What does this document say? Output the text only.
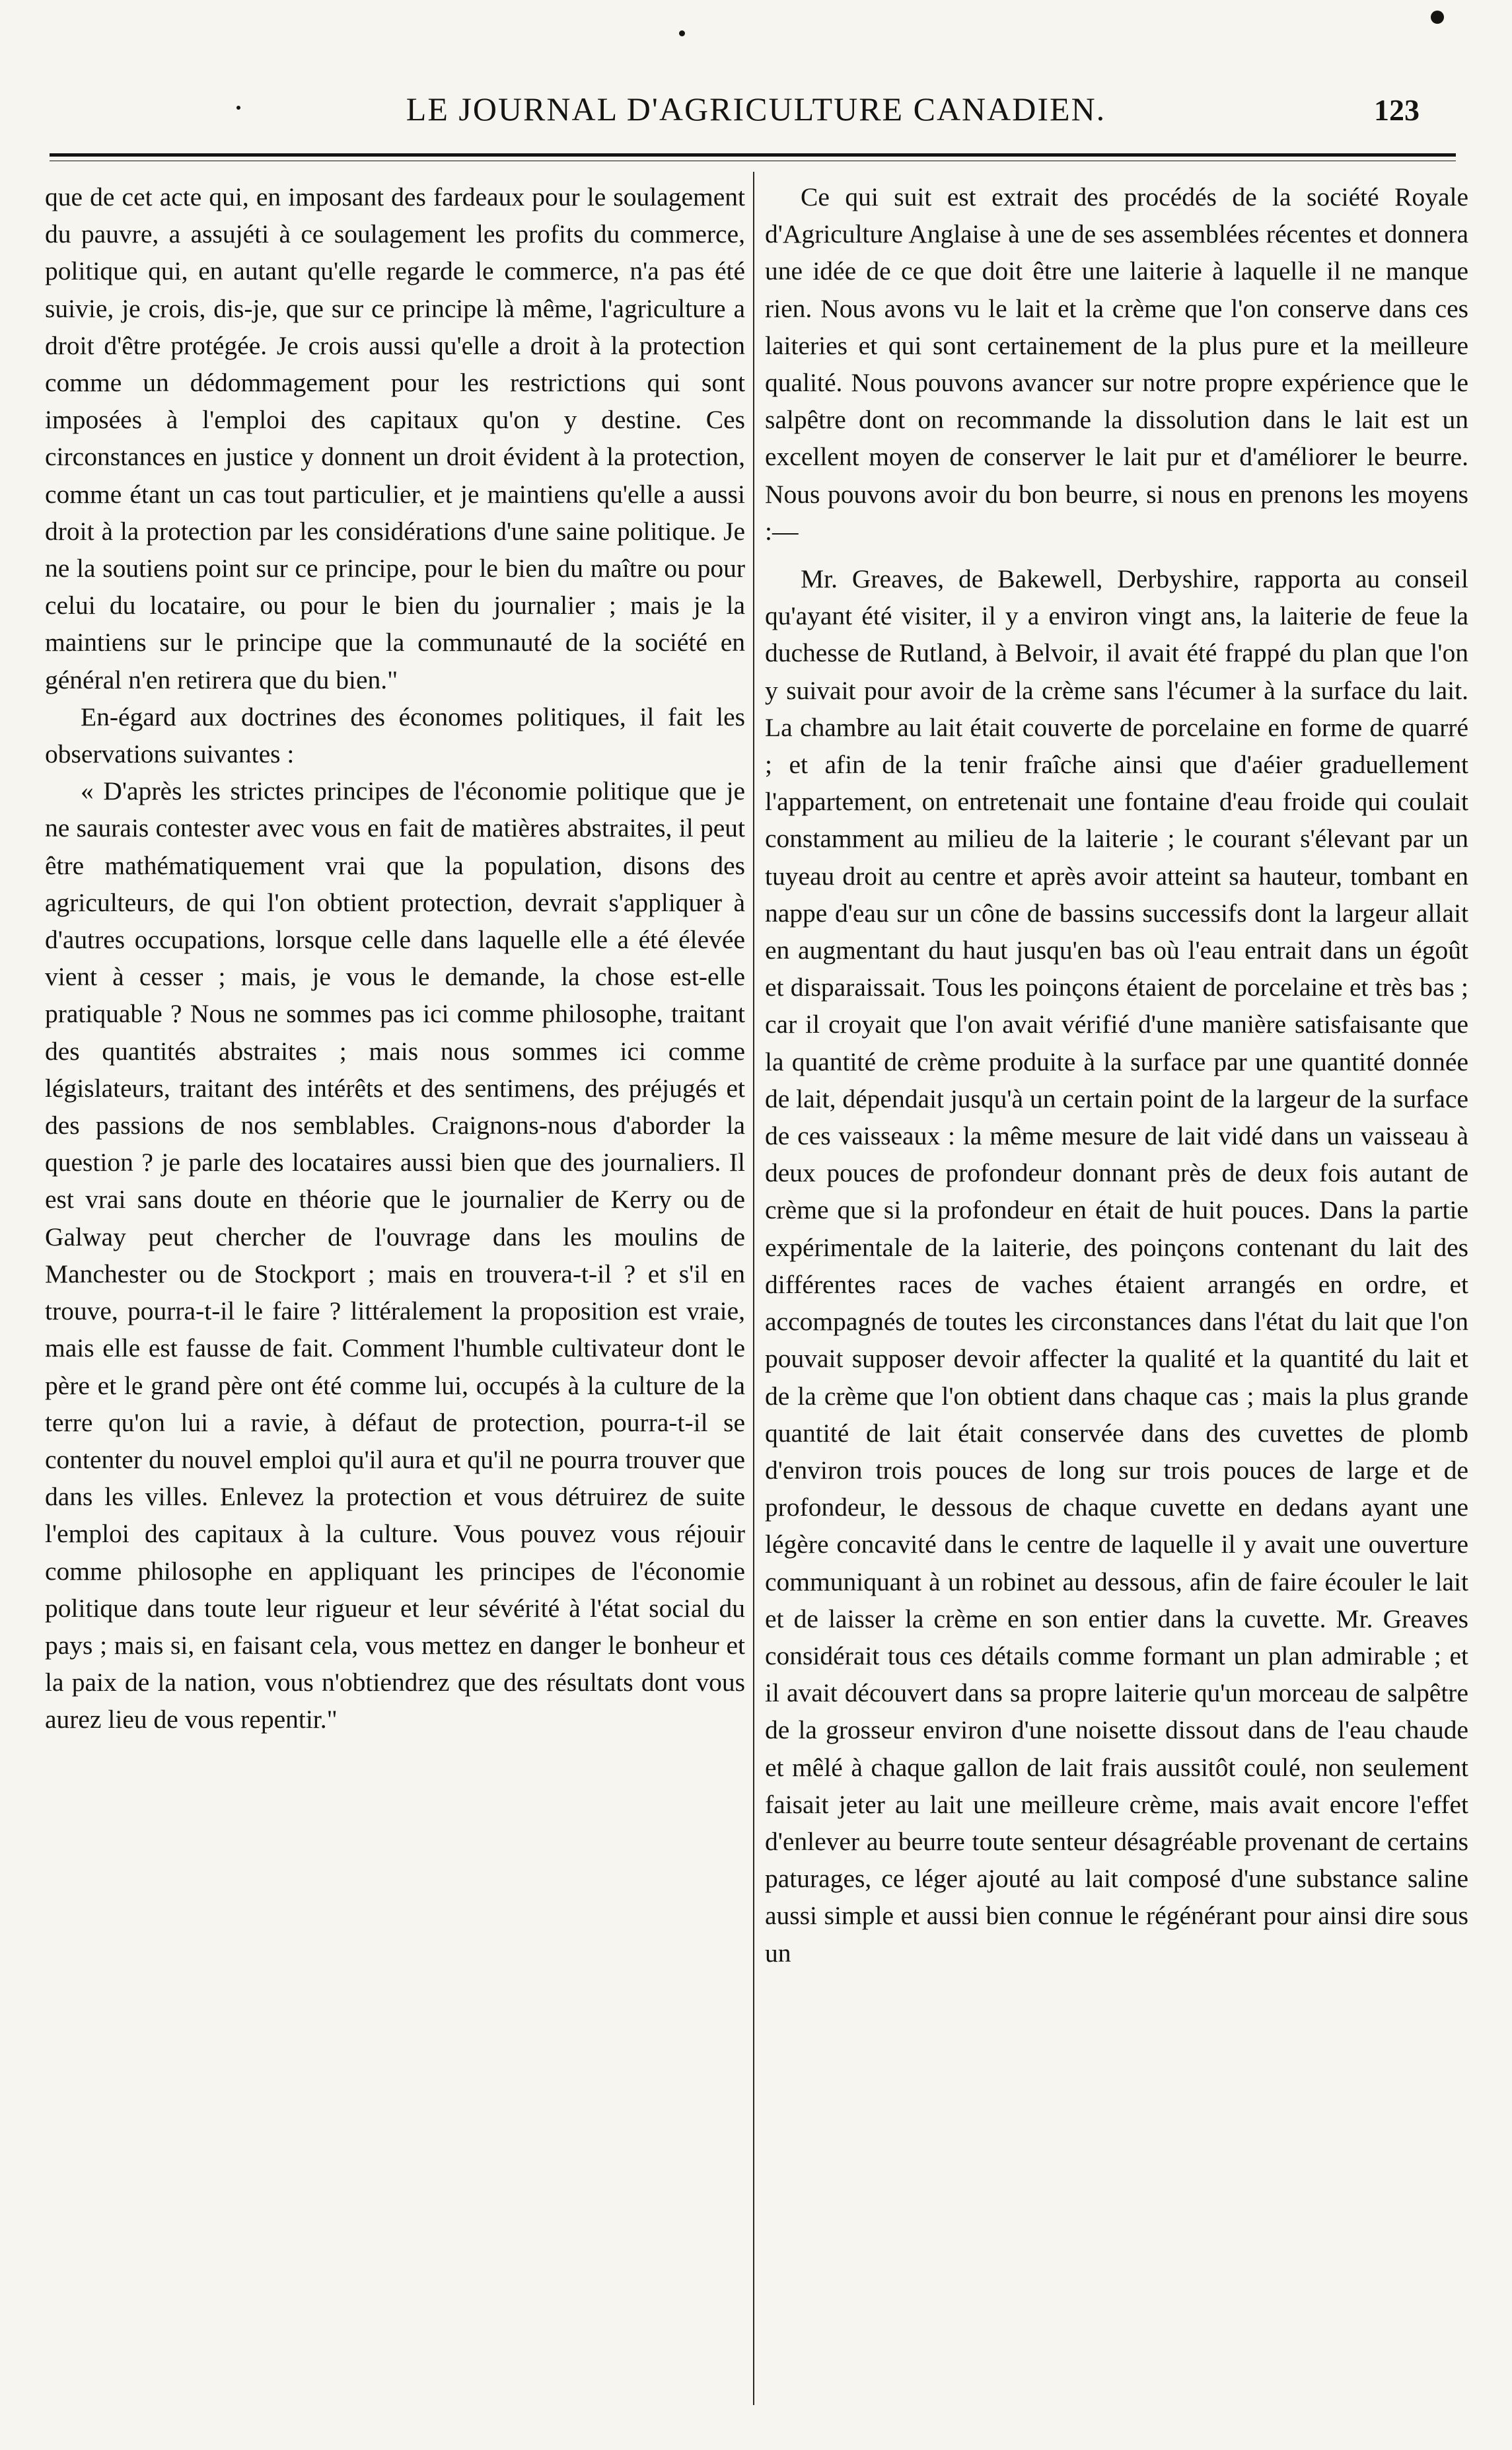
LE JOURNAL D'AGRICULTURE CANADIEN.	123

que de cet acte qui, en imposant des fardeaux pour le soulagement du pauvre, a assujéti à ce soulagement les profits du commerce, politique qui, en autant qu'elle regarde le commerce, n'a pas été suivie, je crois, dis-je, que sur ce principe là même, l'agriculture a droit d'être protégée. Je crois aussi qu'elle a droit à la protection comme un dédommagement pour les restrictions qui sont imposées à l'emploi des capitaux qu'on y destine. Ces circonstances en justice y donnent un droit évident à la protection, comme étant un cas tout particulier, et je maintiens qu'elle a aussi droit à la protection par les considérations d'une saine politique. Je ne la soutiens point sur ce principe, pour le bien du maître ou pour celui du locataire, ou pour le bien du journalier ; mais je la maintiens sur le principe que la communauté de la société en général n'en retirera que du bien."

En-égard aux doctrines des économes politiques, il fait les observations suivantes :

« D'après les strictes principes de l'économie politique que je ne saurais contester avec vous en fait de matières abstraites, il peut être mathématiquement vrai que la population, disons des agriculteurs, de qui l'on obtient protection, devrait s'appliquer à d'autres occupations, lorsque celle dans laquelle elle a été élevée vient à cesser ; mais, je vous le demande, la chose est-elle pratiquable ? Nous ne sommes pas ici comme philosophe, traitant des quantités abstraites ; mais nous sommes ici comme législateurs, traitant des intérêts et des sentimens, des préjugés et des passions de nos semblables. Craignons-nous d'aborder la question ? je parle des locataires aussi bien que des journaliers. Il est vrai sans doute en théorie que le journalier de Kerry ou de Galway peut chercher de l'ouvrage dans les moulins de Manchester ou de Stockport ; mais en trouvera-t-il ? et s'il en trouve, pourra-t-il le faire ? littéralement la proposition est vraie, mais elle est fausse de fait. Comment l'humble cultivateur dont le père et le grand père ont été comme lui, occupés à la culture de la terre qu'on lui a ravie, à défaut de protection, pourra-t-il se contenter du nouvel emploi qu'il aura et qu'il ne pourra trouver que dans les villes. Enlevez la protection et vous détruirez de suite l'emploi des capitaux à la culture. Vous pouvez vous réjouir comme philosophe en appliquant les principes de l'économie politique dans toute leur rigueur et leur sévérité à l'état social du pays ; mais si, en faisant cela, vous mettez en danger le bonheur et la paix de la nation, vous n'obtiendrez que des résultats dont vous aurez lieu de vous repentir."

Ce qui suit est extrait des procédés de la société Royale d'Agriculture Anglaise à une de ses assemblées récentes et donnera une idée de ce que doit être une laiterie à laquelle il ne manque rien. Nous avons vu le lait et la crème que l'on conserve dans ces laiteries et qui sont certainement de la plus pure et la meilleure qualité. Nous pouvons avancer sur notre propre expérience que le salpêtre dont on recommande la dissolution dans le lait est un excellent moyen de conserver le lait pur et d'améliorer le beurre. Nous pouvons avoir du bon beurre, si nous en prenons les moyens :—

Mr. Greaves, de Bakewell, Derbyshire, rapporta au conseil qu'ayant été visiter, il y a environ vingt ans, la laiterie de feue la duchesse de Rutland, à Belvoir, il avait été frappé du plan que l'on y suivait pour avoir de la crème sans l'écumer à la surface du lait. La chambre au lait était couverte de porcelaine en forme de quarré ; et afin de la tenir fraîche ainsi que d'aéier graduellement l'appartement, on entretenait une fontaine d'eau froide qui coulait constamment au milieu de la laiterie ; le courant s'élevant par un tuyeau droit au centre et après avoir atteint sa hauteur, tombant en nappe d'eau sur un cône de bassins successifs dont la largeur allait en augmentant du haut jusqu'en bas où l'eau entrait dans un égoût et disparaissait. Tous les poinçons étaient de porcelaine et très bas ; car il croyait que l'on avait vérifié d'une manière satisfaisante que la quantité de crème produite à la surface par une quantité donnée de lait, dépendait jusqu'à un certain point de la largeur de la surface de ces vaisseaux : la même mesure de lait vidé dans un vaisseau à deux pouces de profondeur donnant près de deux fois autant de crème que si la profondeur en était de huit pouces. Dans la partie expérimentale de la laiterie, des poinçons contenant du lait des différentes races de vaches étaient arrangés en ordre, et accompagnés de toutes les circonstances dans l'état du lait que l'on pouvait supposer devoir affecter la qualité et la quantité du lait et de la crème que l'on obtient dans chaque cas ; mais la plus grande quantité de lait était conservée dans des cuvettes de plomb d'environ trois pouces de long sur trois pouces de large et de profondeur, le dessous de chaque cuvette en dedans ayant une légère concavité dans le centre de laquelle il y avait une ouverture communiquant à un robinet au dessous, afin de faire écouler le lait et de laisser la crème en son entier dans la cuvette. Mr. Greaves considérait tous ces détails comme formant un plan admirable ; et il avait découvert dans sa propre laiterie qu'un morceau de salpêtre de la grosseur environ d'une noisette dissout dans de l'eau chaude et mêlé à chaque gallon de lait frais aussitôt coulé, non seulement faisait jeter au lait une meilleure crème, mais avait encore l'effet d'enlever au beurre toute senteur désagréable provenant de certains paturages, ce léger ajouté au lait composé d'une substance saline aussi simple et aussi bien connue le régénérant pour ainsi dire sous un
